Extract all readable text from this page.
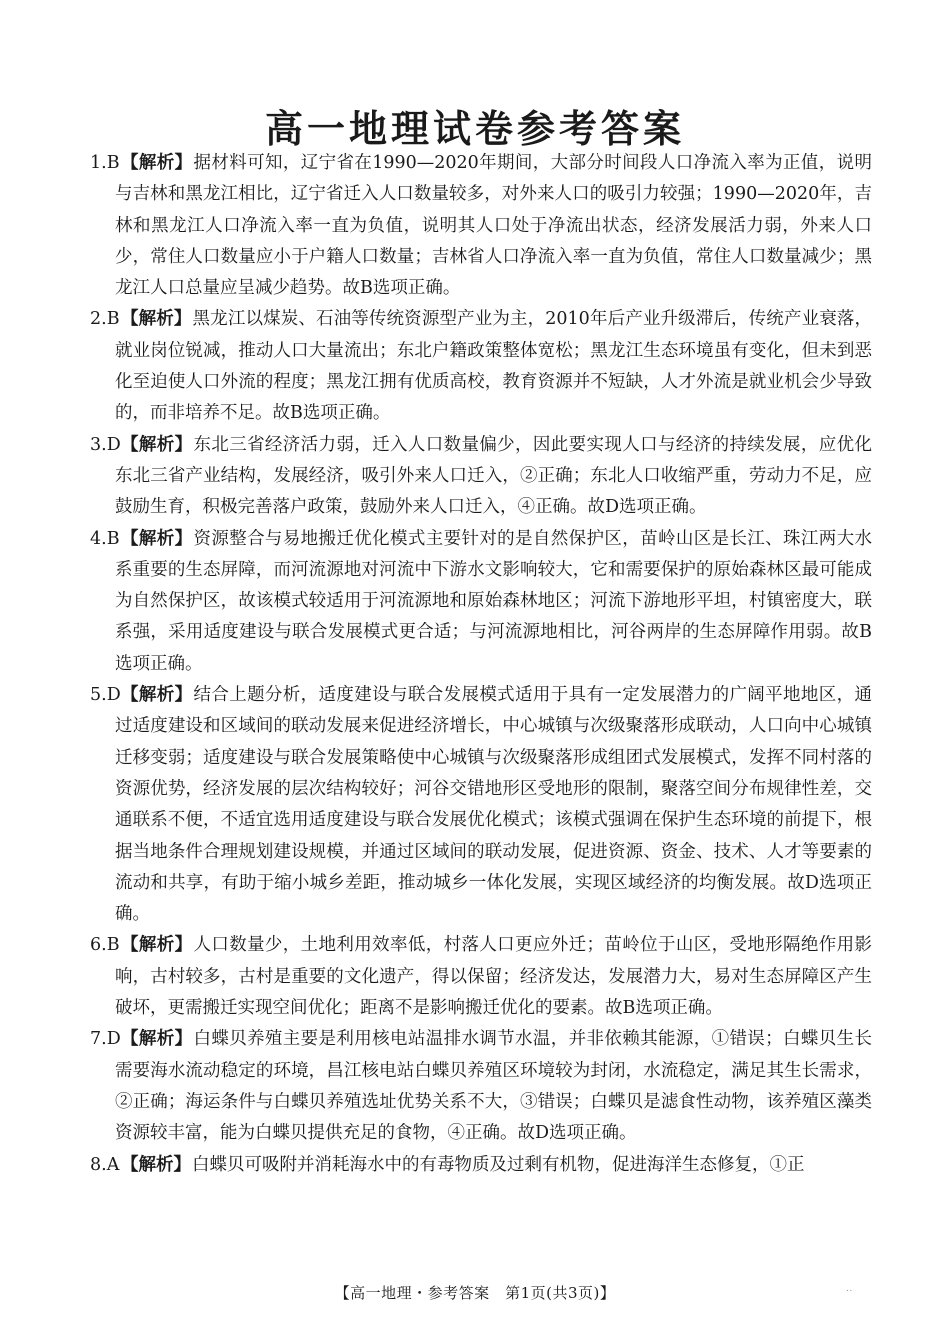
高一地理试卷参考答案

1.B 【解析】据材料可知，辽宁省在1990—2020年期间，大部分时间段人口净流入率为正值，说明与吉林和黑龙江相比，辽宁省迁入人口数量较多，对外来人口的吸引力较强；1990—2020年，吉林和黑龙江人口净流入率一直为负值，说明其人口处于净流出状态，经济发展活力弱，外来人口少，常住人口数量应小于户籍人口数量；吉林省人口净流入率一直为负值，常住人口数量减少；黑龙江人口总量应呈减少趋势。故B选项正确。

2.B 【解析】黑龙江以煤炭、石油等传统资源型产业为主，2010年后产业升级滞后，传统产业衰落，就业岗位锐减，推动人口大量流出；东北户籍政策整体宽松；黑龙江生态环境虽有变化，但未到恶化至迫使人口外流的程度；黑龙江拥有优质高校，教育资源并不短缺，人才外流是就业机会少导致的，而非培养不足。故B选项正确。

3.D 【解析】东北三省经济活力弱，迁入人口数量偏少，因此要实现人口与经济的持续发展，应优化东北三省产业结构，发展经济，吸引外来人口迁入，②正确；东北人口收缩严重，劳动力不足，应鼓励生育，积极完善落户政策，鼓励外来人口迁入，④正确。故D选项正确。

4.B 【解析】资源整合与易地搬迁优化模式主要针对的是自然保护区，苗岭山区是长江、珠江两大水系重要的生态屏障，而河流源地对河流中下游水文影响较大，它和需要保护的原始森林区最可能成为自然保护区，故该模式较适用于河流源地和原始森林地区；河流下游地形平坦，村镇密度大，联系强，采用适度建设与联合发展模式更合适；与河流源地相比，河谷两岸的生态屏障作用弱。故B选项正确。

5.D 【解析】结合上题分析，适度建设与联合发展模式适用于具有一定发展潜力的广阔平地地区，通过适度建设和区域间的联动发展来促进经济增长，中心城镇与次级聚落形成联动，人口向中心城镇迁移变弱；适度建设与联合发展策略使中心城镇与次级聚落形成组团式发展模式，发挥不同村落的资源优势，经济发展的层次结构较好；河谷交错地形区受地形的限制，聚落空间分布规律性差，交通联系不便，不适宜选用适度建设与联合发展优化模式；该模式强调在保护生态环境的前提下，根据当地条件合理规划建设规模，并通过区域间的联动发展，促进资源、资金、技术、人才等要素的流动和共享，有助于缩小城乡差距，推动城乡一体化发展，实现区域经济的均衡发展。故D选项正确。

6.B 【解析】人口数量少，土地利用效率低，村落人口更应外迁；苗岭位于山区，受地形隔绝作用影响，古村较多，古村是重要的文化遗产，得以保留；经济发达，发展潜力大，易对生态屏障区产生破坏，更需搬迁实现空间优化；距离不是影响搬迁优化的要素。故B选项正确。

7.D 【解析】白蝶贝养殖主要是利用核电站温排水调节水温，并非依赖其能源，①错误；白蝶贝生长需要海水流动稳定的环境，昌江核电站白蝶贝养殖区环境较为封闭，水流稳定，满足其生长需求，②正确；海运条件与白蝶贝养殖选址优势关系不大，③错误；白蝶贝是滤食性动物，该养殖区藻类资源较丰富，能为白蝶贝提供充足的食物，④正确。故D选项正确。

8.A 【解析】白蝶贝可吸附并消耗海水中的有毒物质及过剩有机物，促进海洋生态修复，①正

【高一地理・参考答案　第1页(共3页)】	..
